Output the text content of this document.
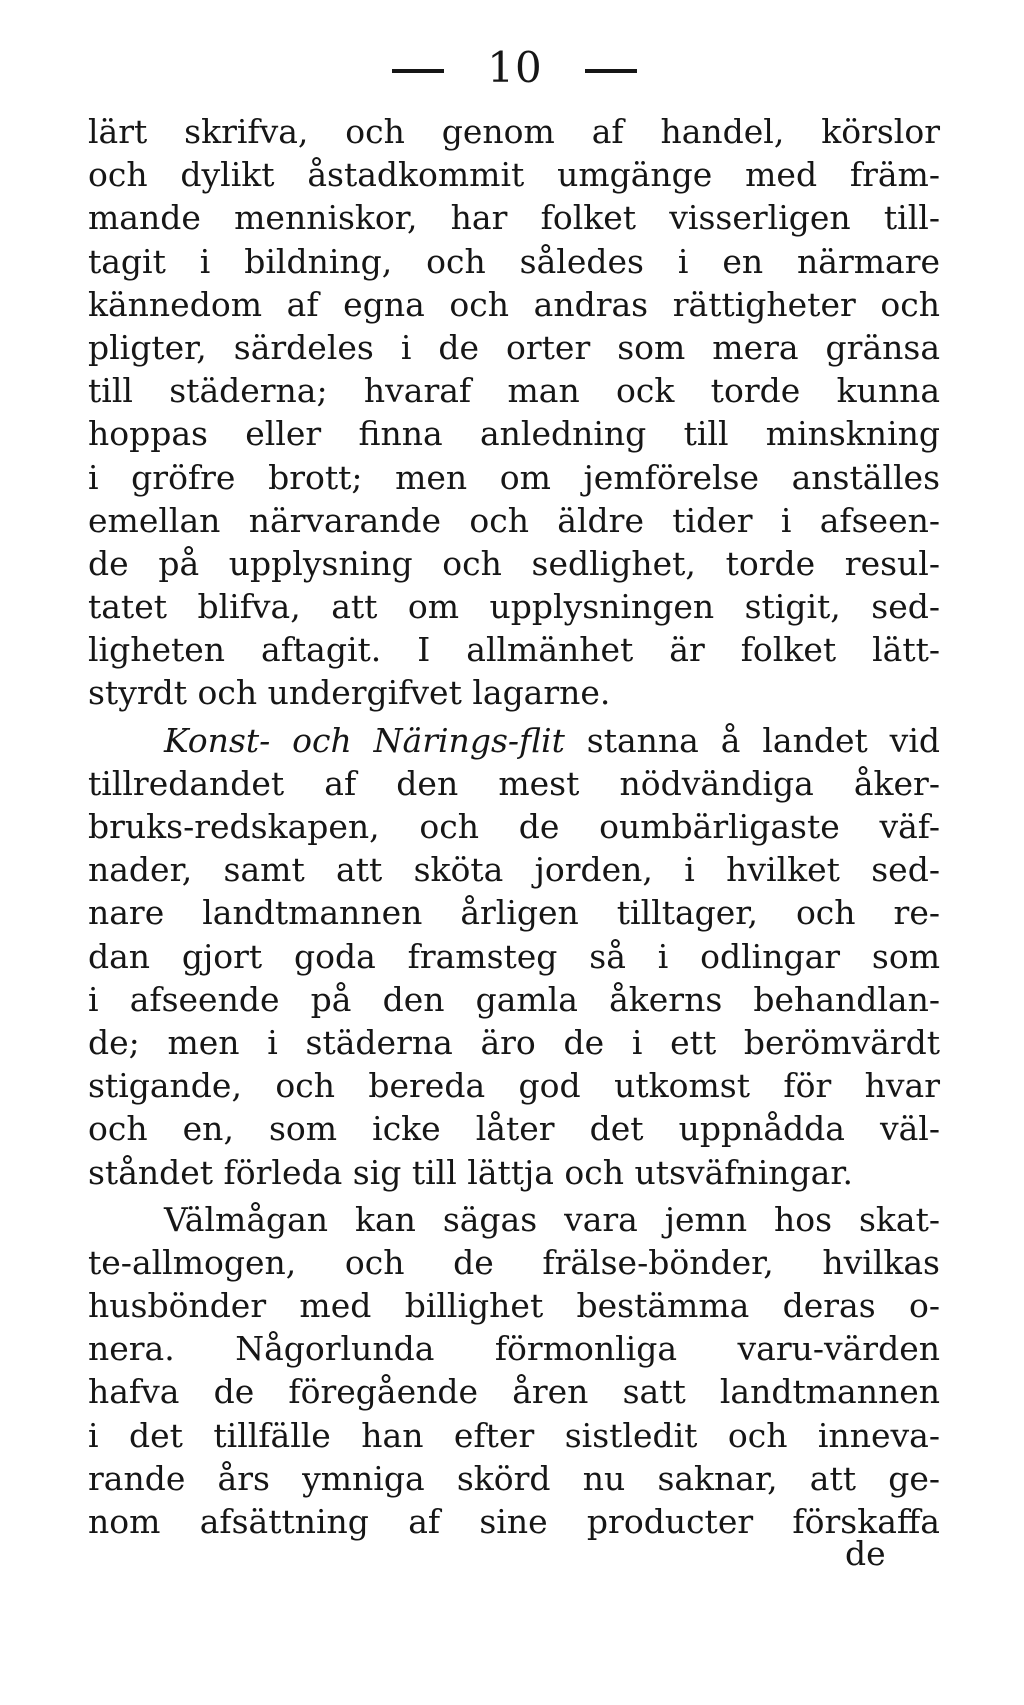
10
lärt skrifva, och genom af handel, körslor
och dylikt åstadkommit umgänge med främ-
mande menniskor, har folket visserligen till-
tagit i bildning, och således i en närmare
kännedom af egna och andras rättigheter och
pligter, särdeles i de orter som mera gränsa
till städerna; hvaraf man ock torde kunna
hoppas eller finna anledning till minskning
i gröfre brott; men om jemförelse anställes
emellan närvarande och äldre tider i afseen-
de på upplysning och sedlighet, torde resul-
tatet blifva, att om upplysningen stigit, sed-
ligheten aftagit. I allmänhet är folket lätt-
styrdt och undergifvet lagarne.
Konst- och Närings-flit stanna å landet vid
tillredandet af den mest nödvändiga åker-
bruks-redskapen, och de oumbärligaste väf-
nader, samt att sköta jorden, i hvilket sed-
nare landtmannen årligen tilltager, och re-
dan gjort goda framsteg så i odlingar som
i afseende på den gamla åkerns behandlan-
de; men i städerna äro de i ett berömvärdt
stigande, och bereda god utkomst för hvar
och en, som icke låter det uppnådda väl-
ståndet förleda sig till lättja och utsväfningar.
Välmågan kan sägas vara jemn hos skat-
te-allmogen, och de frälse-bönder, hvilkas
husbönder med billighet bestämma deras o-
nera. Någorlunda förmonliga varu-värden
hafva de föregående åren satt landtmannen
i det tillfälle han efter sistledit och innevа-
rande års ymniga skörd nu saknar, att ge-
nom afsättning af sine producter förskaffa
de
